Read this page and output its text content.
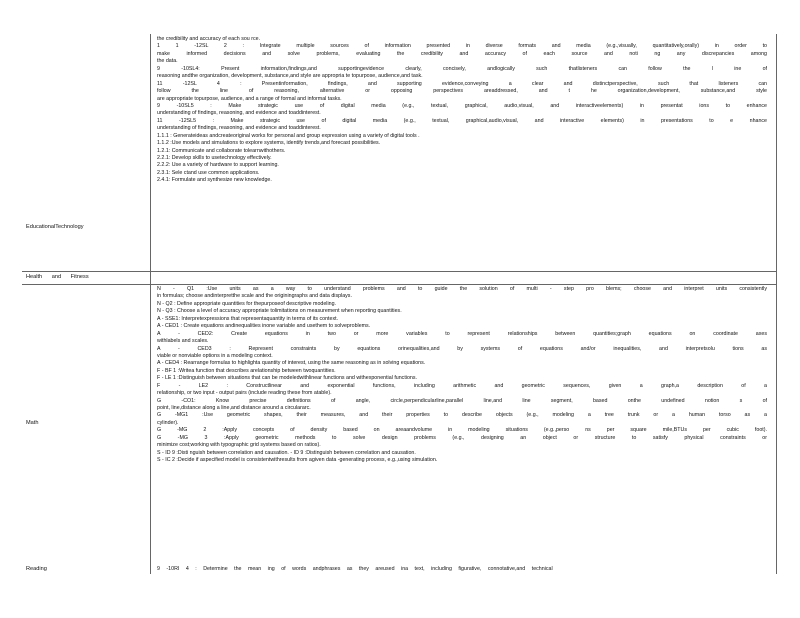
EducationalTechnology
Health and Fitness
Math
Reading
the credibility and accuracy of each sou rce.
1 1 -12SL 2 : Integrate multiple sources of information presented in diverse formats and media (e.g.,visually, quantitatively,orally) in order to
make informed decisions and solve problems, evaluating the credibility and accuracy of each source and noti ng any discrepancies among
the data.
9 -10SL4: Present information,findings,and supportingevidence clearly, concisely, andlogically such thatlisteners can follow the l ine of
reasoning andthe organization, development, substance,and style are appropria te topurpose, audience,and task.
11 -12SL 4 : Presentinformation, findings, and supporting evidence,conveying a clear and distinctperspective, such that listeners can
follow the line of reasoning, alternative or opposing perspectives areaddressed, and t he organization,development, substance,and style
are appropriate topurpose, audience, and a range of formal and informal tasks.
9 -10SL5 : Make strategic use of digital media (e.g., textual, graphical, audio,visual, and interactiveelements) in presentat ions to enhance
understanding of findings, reasoning, and evidence and toaddinterest.
11 -12SL5 : Make strategic use of digital media (e.g., textual, graphical,audio,visual, and interactive elements) in presentations to e nhance
understanding of findings, reasoning, and evidence and toaddinterest.
1.1.1 : Generateideas andcreateoriginal works for personal and group expression using a variety of digital tools .
1.1.2 :Use models and simulations to explore systems, identify trends,and forecast possibilities.
1.2.1: Communicate and collaborate tolearnwithothers.
2.2.1: Develop skills to usetechnology effectively.
2.2.2: Use a variety of hardware to support learning.
2.3.1: Sele ctand use common applications.
2.4.1: Formulate and synthesize new knowledge.
N - Q1 :Use units as a way to understand problems and to guide the solution of multi - step pro blems; choose and interpret units consistently
in formulas; choose andinterpretthe scale and the originingraphs and data displays.
N - Q2 : Define appropriate quantities for thepurposeof descriptive modeling.
N - Q3 : Choose a level of accuracy appropriate tolimitations on measurement when reporting quantities.
A - SSE1: Interpretexpressions that representaquantity in terms of its context.
A - CED1 : Create equations andinequalities inone variable and usethem to solveproblems.
A - CED2: Create equations in two or more variables to represent relationships between quantities;graph equations on coordinate axes
withlabels and scales.
A - CED3 : Represent constraints by equations orinequalities,and by systems of equations and/or inequalities, and interpretsolu tions as
viable or nonviable options in a modeling context.
A - CED4 : Rearrange formulas to highlighta quantity of interest, using the same reasoning as in solving equations.
F - BF 1 :Writea function that describes arelationship between twoquantities.
F - LE 1 :Distinguish between situations that can be modeledwithlinear functions and withexponential functions.
F - LE2 : Constructlinear and exponential functions, including arithmetic and geometric sequences, given a graph,a description of a
relationship, or two input - output pairs (include reading these from atable).
G -CO1: Know precise definitions of angle, circle,perpendicularline,parallel line,and line segment, based onthe undefined notion s of
point, line,distance along a line,and distance around a circulararc.
G -MG1 :Use geometric shapes, their measures, and their properties to describe objects (e.g., modeling a tree trunk or a human torso as a
cylinder).
G -MG 2 :Apply concepts of density based on areaandvolume in modeling situations (e.g.,perso ns per square mile,BTUs per cubic foot).
G -MG 3 :Apply geometric methods to solve design problems (e.g., designing an object or structure to satisfy physical constraints or
minimize cost;working with typographic grid systems based on ratios).
S - ID 9 :Disti nguish between correlation and causation. - ID 9 :Distinguish between correlation and causation.
S - IC 2 :Decide if aspecified model is consistentwithresults from agiven data -generating process, e.g.,using simulation.
9 -10RI 4 : Determine the mean ing of words andphrases as they areused ina text, including figurative, connotative,and technical
